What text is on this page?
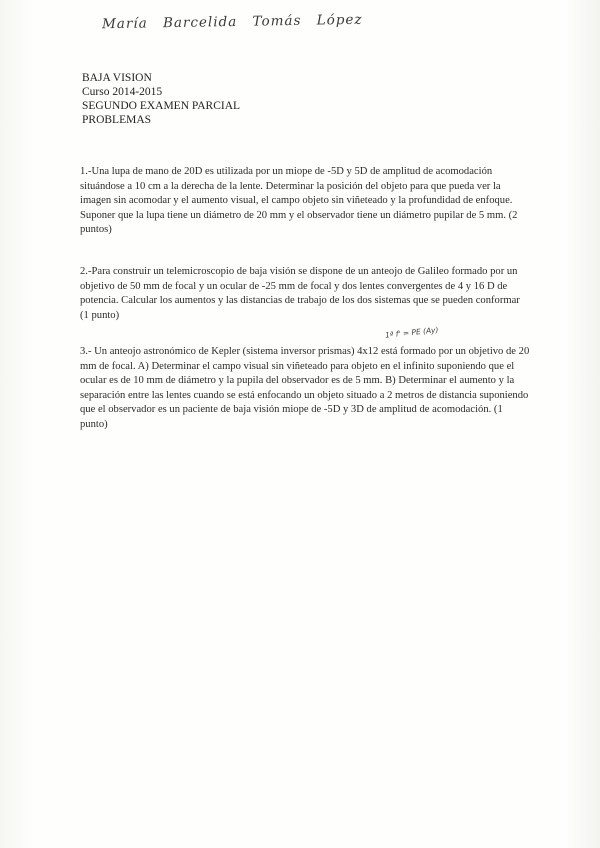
María Barcelida Tomás López
BAJA VISION
Curso 2014-2015
SEGUNDO EXAMEN PARCIAL
PROBLEMAS
1.-Una lupa de mano de 20D es utilizada por un miope de -5D y 5D de amplitud de acomodación situándose a 10 cm a la derecha de la lente. Determinar la posición del objeto para que pueda ver la imagen sin acomodar y el aumento visual, el campo objeto sin viñeteado y la profundidad de enfoque. Suponer que la lupa tiene un diámetro de 20 mm y el observador tiene un diámetro pupilar de 5 mm. (2 puntos)
2.-Para construir un telemicroscopio de baja visión se dispone de un anteojo de Galileo formado por un objetivo de 50 mm de focal y un ocular de -25 mm de focal y dos lentes convergentes de 4 y 16 D de potencia. Calcular los aumentos y las distancias de trabajo de los dos sistemas que se pueden conformar (1 punto)
1ª f' = PE (Ay)
3.- Un anteojo astronómico de Kepler (sistema inversor prismas) 4x12 está formado por un objetivo de 20 mm de focal. A) Determinar el campo visual sin viñeteado para objeto en el infinito suponiendo que el ocular es de 10 mm de diámetro y la pupila del observador es de 5 mm. B) Determinar el aumento y la separación entre las lentes cuando se está enfocando un objeto situado a 2 metros de distancia suponiendo que el observador es un paciente de baja visión miope de -5D y 3D de amplitud de acomodación. (1 punto)
